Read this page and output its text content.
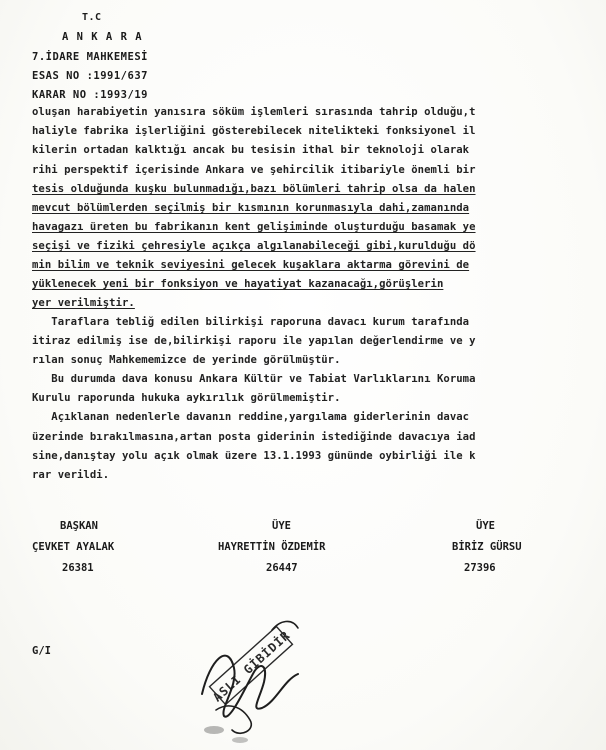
T.C
A N K A R A
7.İDARE MAHKEMESİ
ESAS NO :1991/637
KARAR NO :1993/19
oluşan harabiyetin yanısıra söküm işlemleri sırasında tahrip olduğu,t
haliyle fabrika işlerliğini gösterebilecek nitelikteki fonksiyonel il
kilerin ortadan kalktığı ancak bu tesisin ithal bir teknoloji olarak
rihi perspektif içerisinde Ankara ve şehircilik itibariyle önemli bir
tesis olduğunda kuşku bulunmadığı,bazı bölümleri tahrip olsa da halen
mevcut bölümlerden seçilmiş bir kısmının korunmasıyla dahi,zamanında
havagazı üreten bu fabrikanın kent gelişiminde oluşturduğu basamak ye
seçişi ve fiziki çehresiyle açıkça algılanabileceği gibi,kurulduğu dö
min bilim ve teknik seviyesini gelecek kuşaklara aktarma görevini de
yüklenecek yeni bir fonksiyon ve hayatiyat kazanacağı,görüşlerin
yer verilmiştir.
Taraflara tebliğ edilen bilirkişi raporuna davacı kurum tarafında
itiraz edilmiş ise de,bilirkişi raporu ile yapılan değerlendirme ve y
rılan sonuç Mahkememizce de yerinde görülmüştür.
Bu durumda dava konusu Ankara Kültür ve Tabiat Varlıklarını Koruma
Kurulu raporunda hukuka aykırılık görülmemiştir.
Açıklanan nedenlerle davanın reddine,yargılama giderlerinin davac
üzerinde bırakılmasına,artan posta giderinin istediğinde davacıya iad
sine,danıştay yolu açık olmak üzere 13.1.1993 gününde oybirliği ile k
rar verildi.
BAŞKAN
ÇEVKET AYALAK
26381
ÜYE
HAYRETTİN ÖZDEMİR
26447
ÜYE
BİRİZ GÜRSU
27396
G/I	ASLI GİBİDİR
